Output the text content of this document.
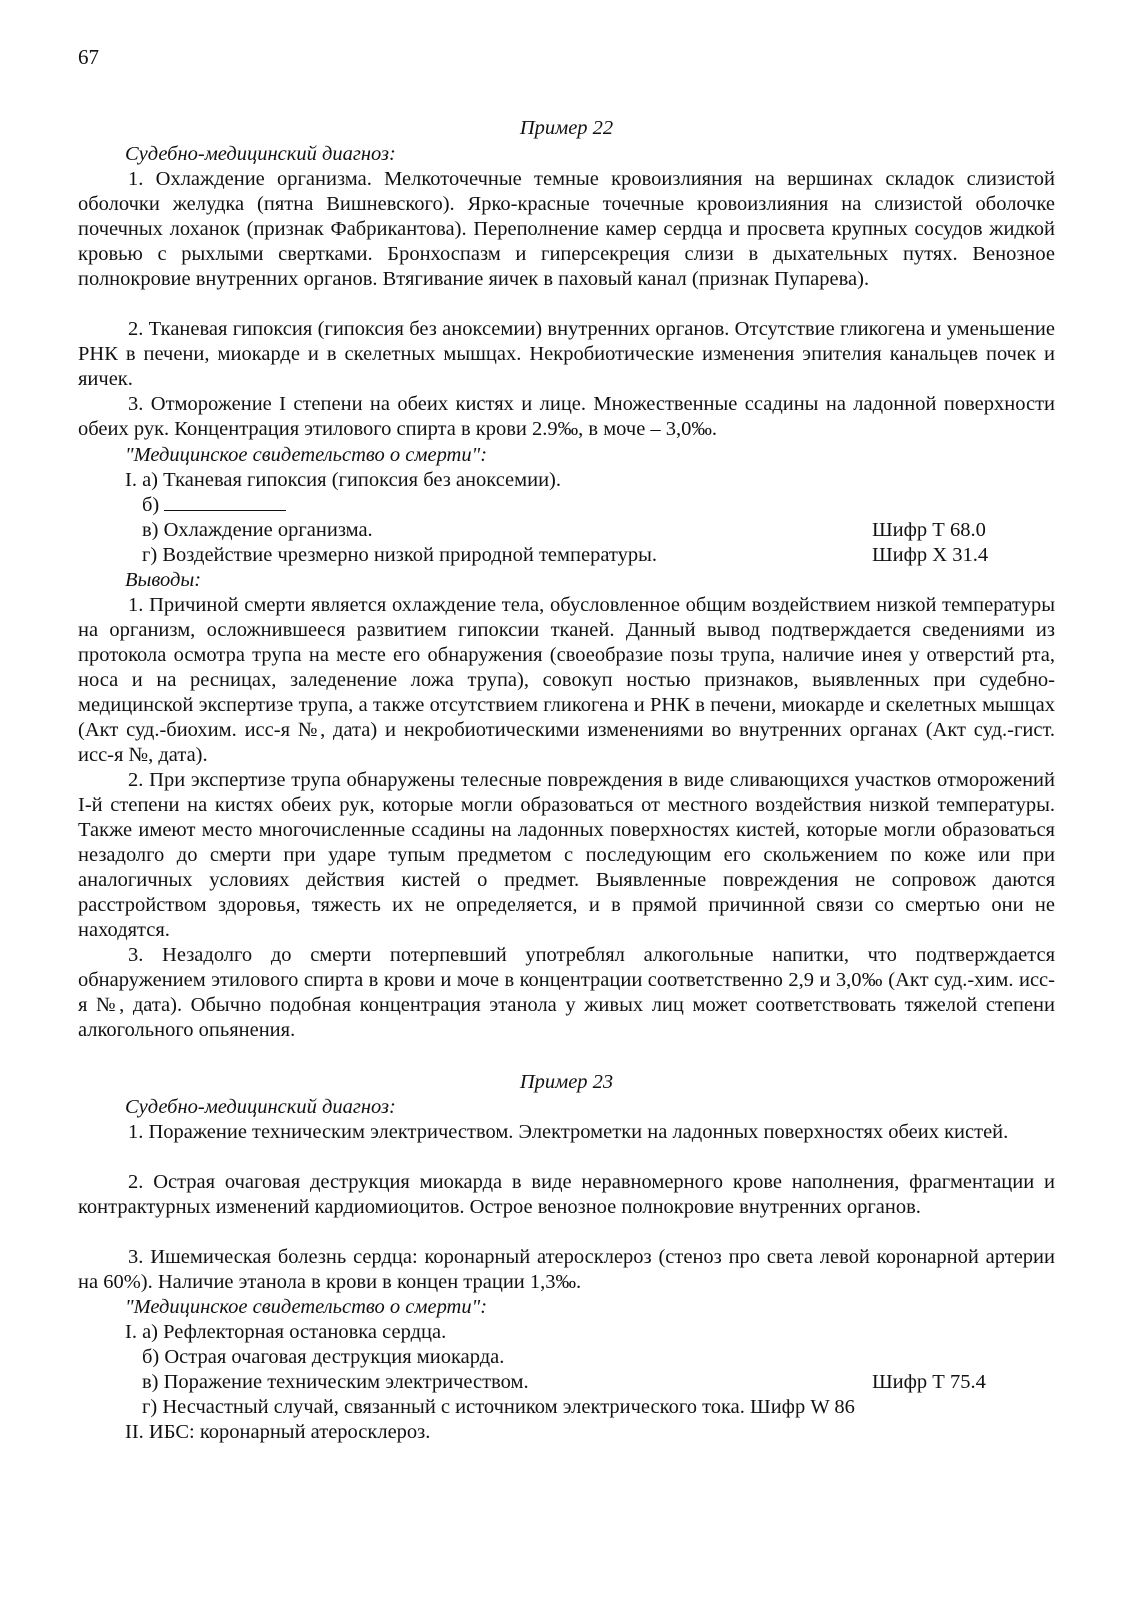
67
Пример 22
Судебно-медицинский диагноз:

1. Охлаждение организма. Мелкоточечные темные кровоизлияния на вершинах складок слизистой оболочки желудка (пятна Вишневского). Ярко-красные точечные кровоизлияния на слизистой оболочке почечных лоханок (признак Фабрикантова). Переполнение камер сердца и просвета крупных сосудов жидкой кровью с рыхлыми свертками. Бронхоспазм и гиперсекреция слизи в дыхательных путях. Венозное полнокровие внутренних органов. Втягивание яичек в паховый канал (признак Пупарева).

2. Тканевая гипоксия (гипоксия без аноксемии) внутренних органов. Отсутствие гликогена и уменьшение РНК в печени, миокарде и в скелетных мышцах. Некробиотические изменения эпителия канальцев почек и яичек.

3. Отморожение I степени на обеих кистях и лице. Множественные ссадины на ладонной поверхности обеих рук. Концентрация этилового спирта в крови 2.9‰, в моче – 3,0‰.

"Медицинское свидетельство о смерти":
I. а) Тканевая гипоксия (гипоксия без аноксемии).
б)
в) Охлаждение организма.	Шифр Т 68.0
г) Воздействие чрезмерно низкой природной температуры.	Шифр Х 31.4
Выводы:

1. Причиной смерти является охлаждение тела, обусловленное общим воздействием низкой температуры на организм, осложнившееся развитием гипоксии тканей. Данный вывод подтверждается сведениями из протокола осмотра трупа на месте его обнаружения (своеобразие позы трупа, наличие инея у отверстий рта, носа и на ресницах, заледенение ложа трупа), совокуп ностью признаков, выявленных при судебно-медицинской экспертизе трупа, а также отсутствием гликогена и РНК в печени, миокарде и скелетных мышцах (Акт суд.-биохим. исс-я №, дата) и некробиотическими изменениями во внутренних органах (Акт суд.-гист. исс-я №, дата).

2. При экспертизе трупа обнаружены телесные повреждения в виде сливающихся участков отморожений I-й степени на кистях обеих рук, которые могли образоваться от местного воздействия низкой температуры. Также имеют место многочисленные ссадины на ладонных поверхностях кистей, которые могли образоваться незадолго до смерти при ударе тупым предметом с последующим его скольжением по коже или при аналогичных условиях действия кистей о предмет. Выявленные повреждения не сопровож даются расстройством здоровья, тяжесть их не определяется, и в прямой причинной связи со смертью они не находятся.

3. Незадолго до смерти потерпевший употреблял алкогольные напитки, что подтверждается обнаружением этилового спирта в крови и моче в концентрации соответственно 2,9 и 3,0‰ (Акт суд.-хим. исс-я №, дата). Обычно подобная концентрация этанола у живых лиц может соответствовать тяжелой степени алкогольного опьянения.

Пример 23
Судебно-медицинский диагноз:

1. Поражение техническим электричеством. Электрометки на ладонных поверхностях обеих кистей.

2. Острая очаговая деструкция миокарда в виде неравномерного крове наполнения, фрагментации и контрактурных изменений кардиомиоцитов. Острое венозное полнокровие внутренних органов.

3. Ишемическая болезнь сердца: коронарный атеросклероз (стеноз про света левой коронарной артерии на 60%). Наличие этанола в крови в концен трации 1,3‰.

"Медицинское свидетельство о смерти":
I. а) Рефлекторная остановка сердца.
б) Острая очаговая деструкция миокарда.
в) Поражение техническим электричеством.	Шифр Т 75.4
г) Несчастный случай, связанный с источником электрического тока. Шифр W 86
II. ИБС: коронарный атеросклероз.
